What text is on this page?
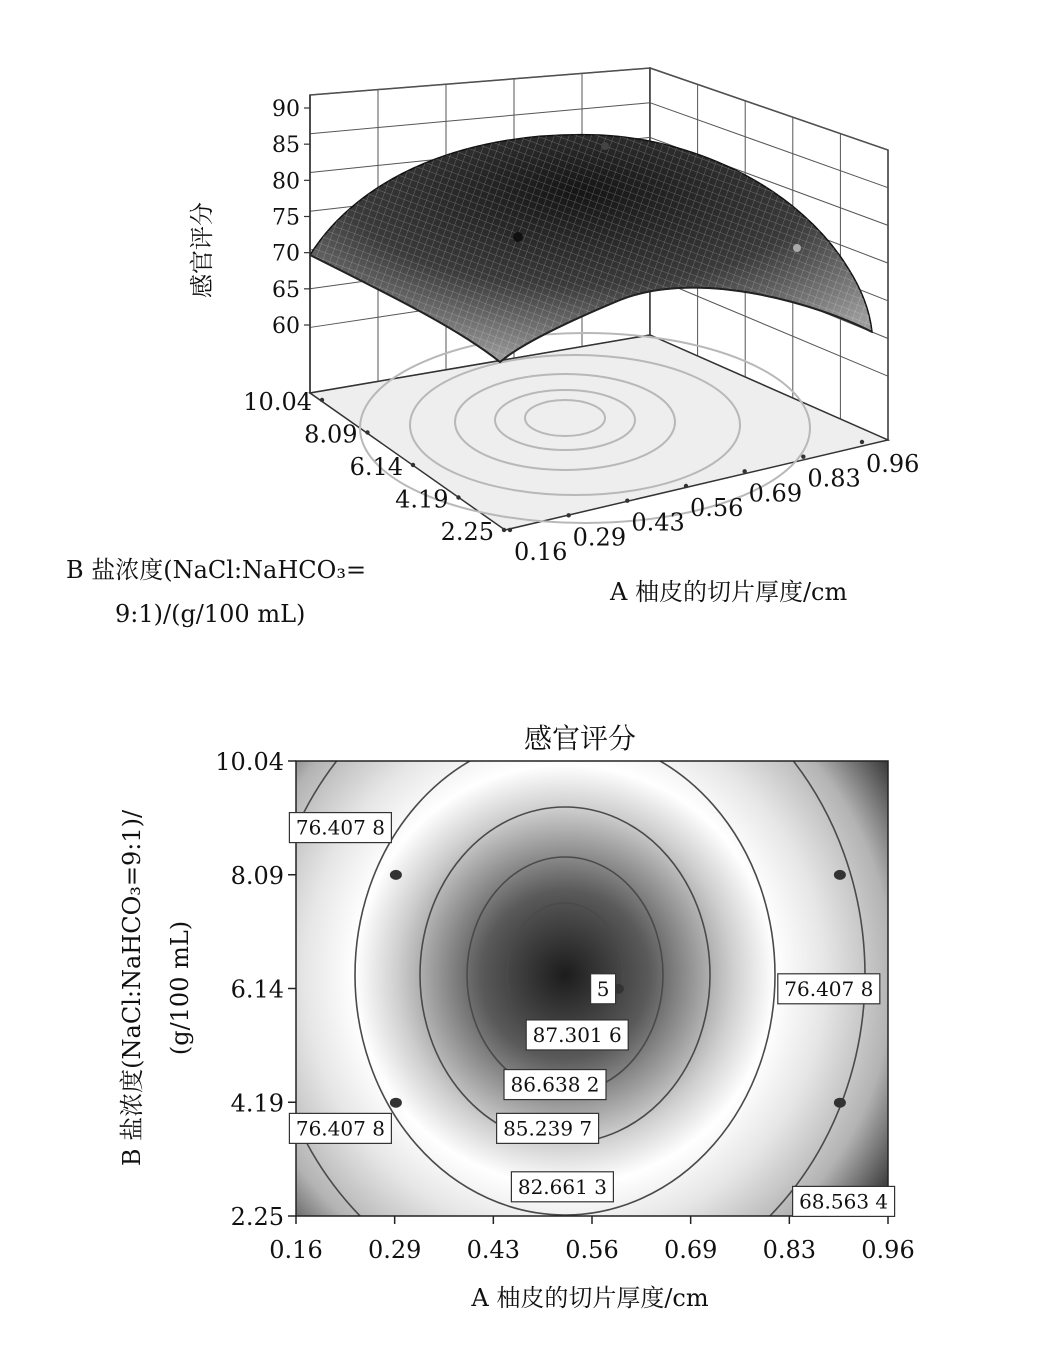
90
85
80
75
70
65
60
10.04
8.09
6.14
4.19
2.25
0.16
0.29
0.43
0.56
0.69
0.83
0.96
感官评分
B 盐浓度(NaCl:NaHCO₃=
9:1)/(g/100 mL)
A 柚皮的切片厚度/cm
感官评分
76.407 8
76.407 8
76.407 8
87.301 6
86.638 2
85.239 7
82.661 3
68.563 4
5
0.16 0.29 0.43 0.56 0.69 0.83 0.96
10.04
8.09
6.14
4.19
2.25
A 柚皮的切片厚度/cm
B 盐浓度(NaCl:NaHCO₃=9:1)/ (g/100 mL)
